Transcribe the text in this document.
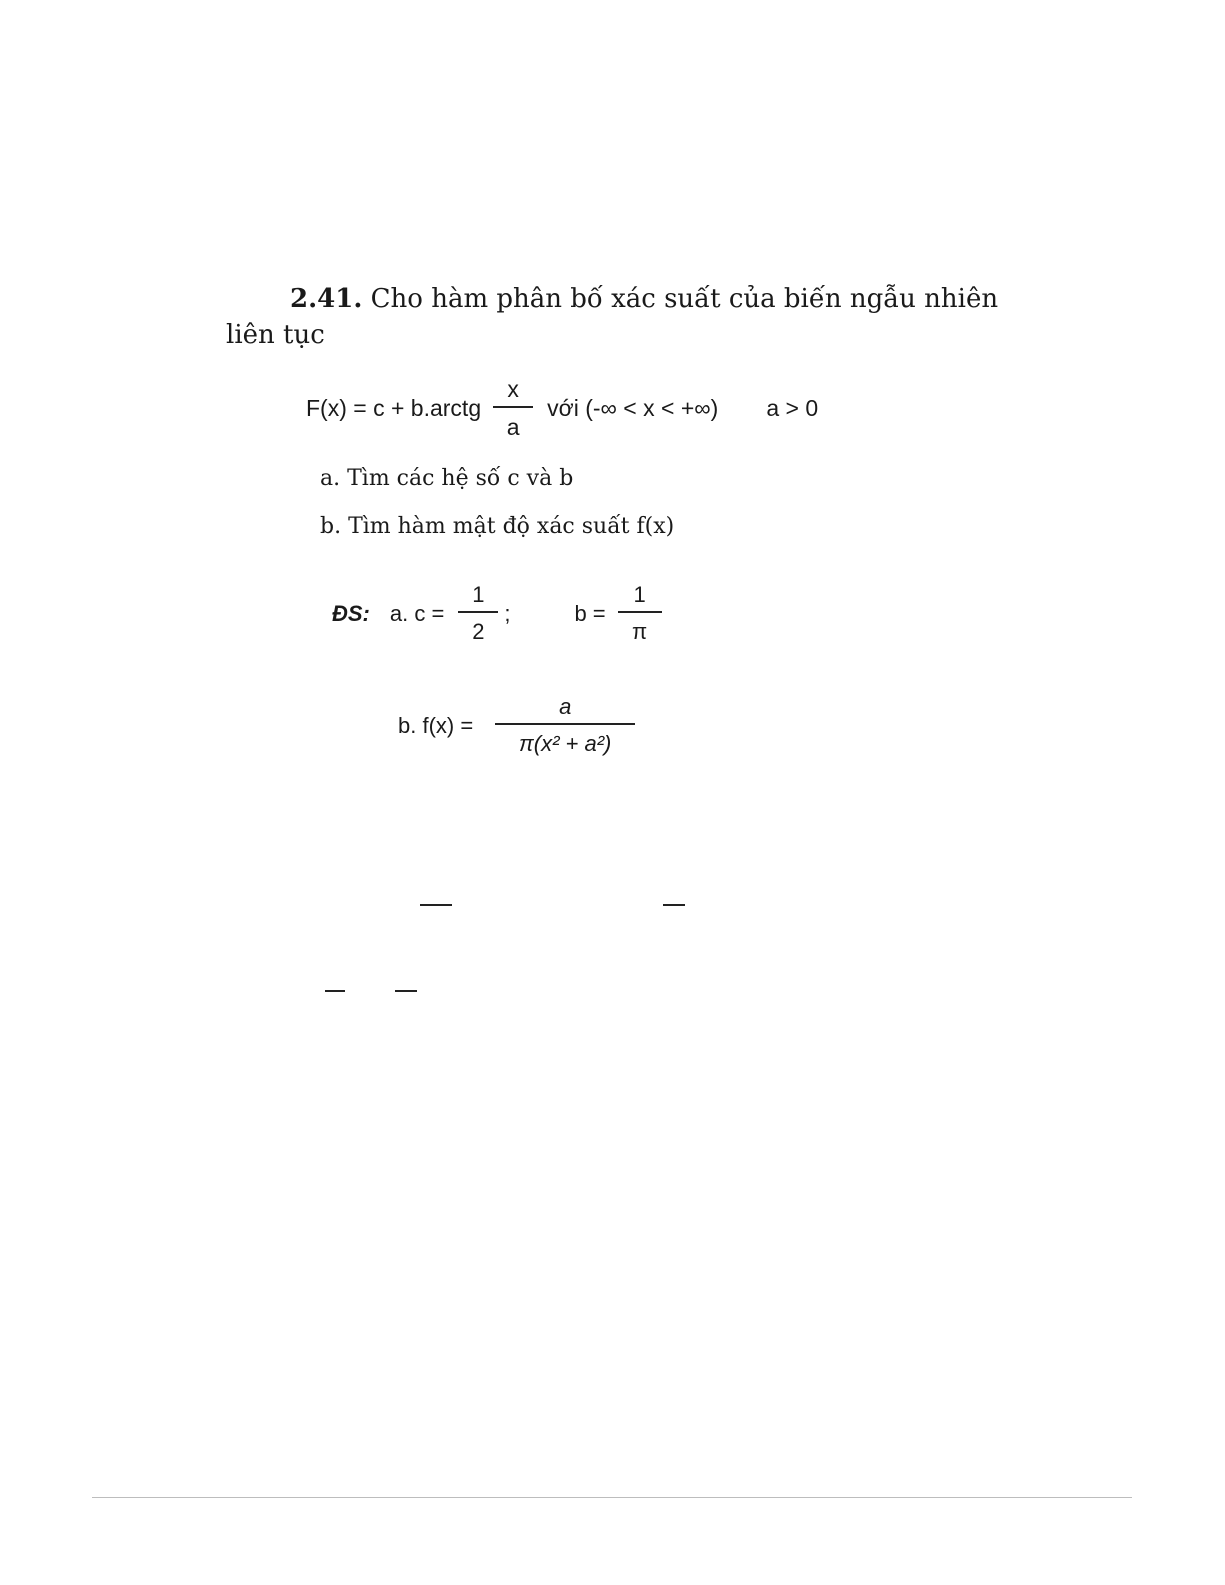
2.41. Cho hàm phân bố xác suất của biến ngẫu nhiên
liên tục
F(x) = c + b.arctg $\frac{x}{a}$ với (-∞ < x < +∞) a > 0
a. Tìm các hệ số c và b
b. Tìm hàm mật độ xác suất f(x)
ĐS: a. $c = \frac{1}{2}$ ;	$b = \frac{1}{\pi}$
b. $f(x) = \frac{a}{\text{π(x² + a²)}}$
